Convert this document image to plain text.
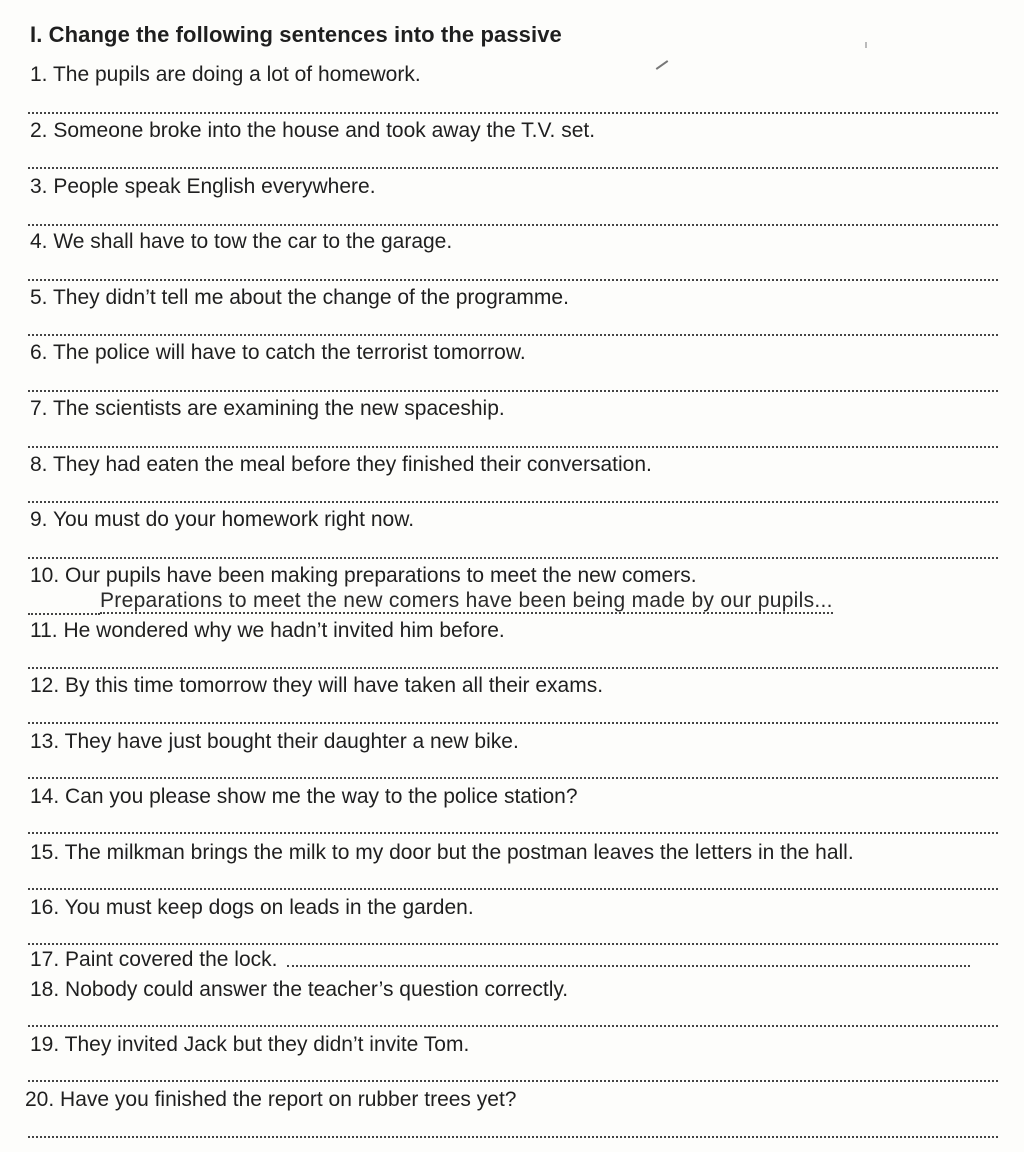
I. Change the following sentences into the passive
1. The pupils are doing a lot of homework.
2. Someone broke into the house and took away the T.V. set.
3. People speak English everywhere.
4. We shall have to tow the car to the garage.
5. They didn’t tell me about the change of the programme.
6. The police will have to catch the terrorist tomorrow.
7. The scientists are examining the new spaceship.
8. They had eaten the meal before they finished their conversation.
9. You must do your homework right now.
10. Our pupils have been making preparations to meet the new comers.
Preparations to meet the new comers have been being made by our pupils...
11. He wondered why we hadn’t invited him before.
12. By this time tomorrow they will have taken all their exams.
13. They have just bought their daughter a new bike.
14. Can you please show me the way to the police station?
15. The milkman brings the milk to my door but the postman leaves the letters in the hall.
16. You must keep dogs on leads in the garden.
17. Paint covered the lock.
18. Nobody could answer the teacher’s question correctly.
19. They invited Jack but they didn’t invite Tom.
20. Have you finished the report on rubber trees yet?
